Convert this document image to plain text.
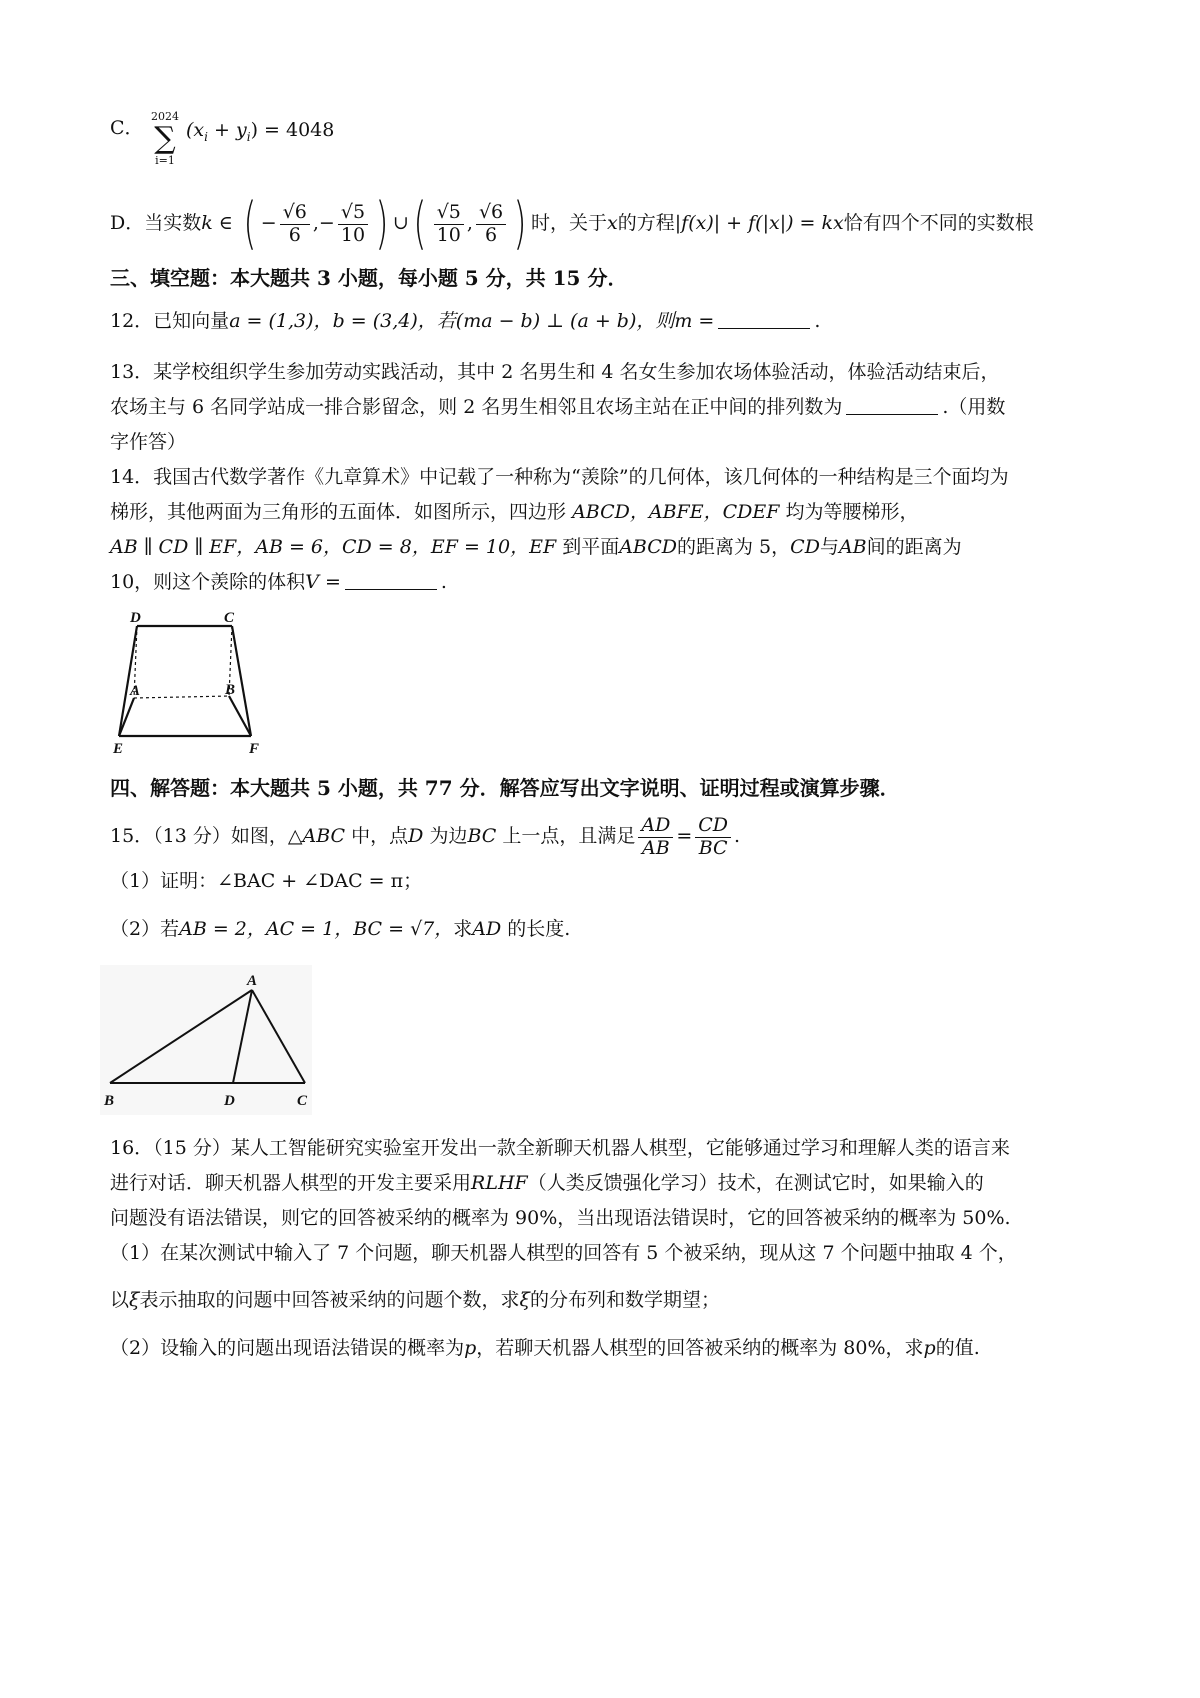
C．
2024
∑
i=1
$(x_i + y_i) = 4048$
D．当实数k ∈ ( − $\frac{√6}{6}$ ,− $\frac{√5}{10}$ ) ∪( $\frac{√5}{10}$ , $\frac{√6}{6}$ ) 时，关于x的方程|f(x)| + f(|x|) = kx恰有四个不同的实数根
三、填空题：本大题共 3 小题，每小题 5 分，共 15 分．
12．已知向量a = (1,3)，b = (3,4)，若(ma − b) ⊥ (a + b)，则m =	.
13．某学校组织学生参加劳动实践活动，其中 2 名男生和 4 名女生参加农场体验活动，体验活动结束后，
农场主与 6 名同学站成一排合影留念，则 2 名男生相邻且农场主站在正中间的排列数为	.（用数
字作答）
14．我国古代数学著作《九章算术》中记载了一种称为“羡除”的几何体，该几何体的一种结构是三个面均为
梯形，其他两面为三角形的五面体．如图所示，四边形 ABCD，ABFE，CDEF 均为等腰梯形，
AB ∥ CD ∥ EF，AB = 6，CD = 8，EF = 10，EF 到平面ABCD的距离为 5，CD与AB间的距离为
10，则这个羡除的体积V =	.
D	C
A	B
E	F
四、解答题：本大题共 5 小题，共 77 分．解答应写出文字说明、证明过程或演算步骤．
15．（13 分）如图，△ABC 中，点D 为边BC 上一点，且满足 $\frac{AD}{AB} = \frac{CD}{BC}$ .
（1）证明：∠BAC + ∠DAC = π；
（2）若AB = 2，AC = 1，BC = √7，求AD 的长度.
A
B	D	C
16．（15 分）某人工智能研究实验室开发出一款全新聊天机器人棋型，它能够通过学习和理解人类的语言来
进行对话．聊天机器人棋型的开发主要采用RLHF（人类反馈强化学习）技术，在测试它时，如果输入的
问题没有语法错误，则它的回答被采纳的概率为 90%，当出现语法错误时，它的回答被采纳的概率为 50%.
（1）在某次测试中输入了 7 个问题，聊天机器人棋型的回答有 5 个被采纳，现从这 7 个问题中抽取 4 个，
以ξ表示抽取的问题中回答被采纳的问题个数，求ξ的分布列和数学期望；
（2）设输入的问题出现语法错误的概率为p，若聊天机器人棋型的回答被采纳的概率为 80%，求p的值.
